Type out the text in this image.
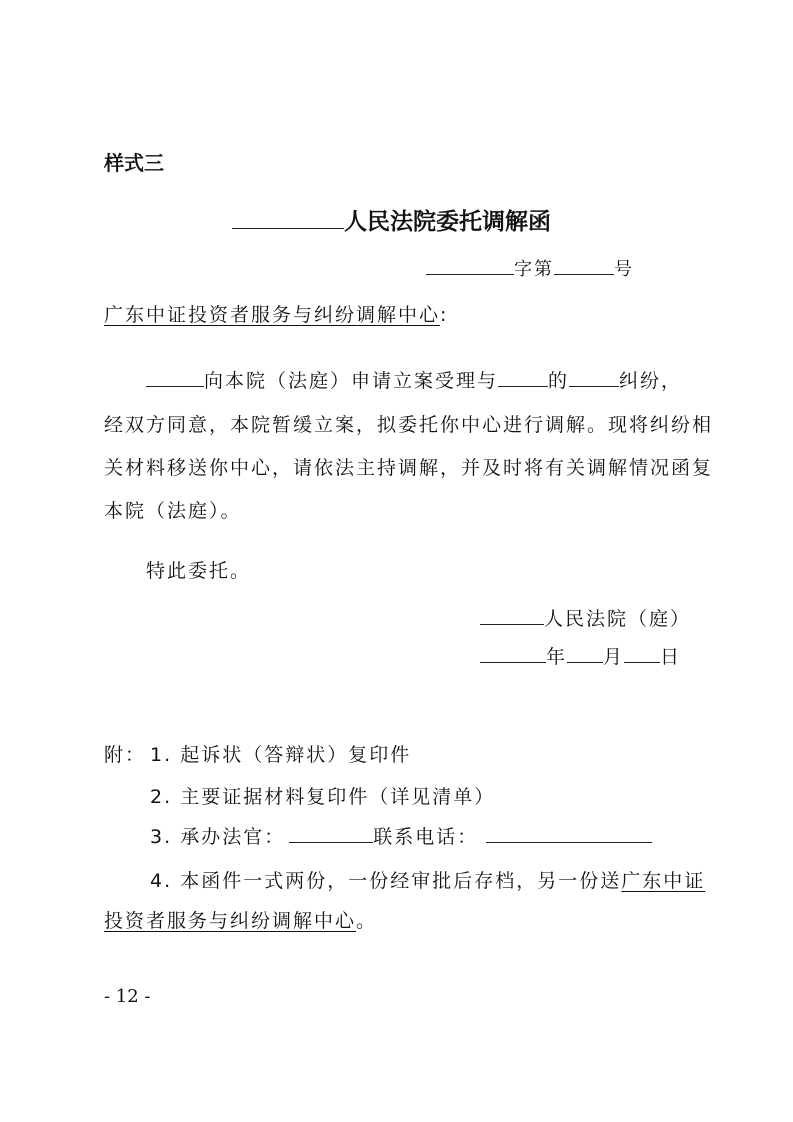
样式三
人民法院委托调解函
字第	号
广东中证投资者服务与纠纷调解中心:
向本院（法庭）申请立案受理与	的	纠纷，
经双方同意，本院暂缓立案，拟委托你中心进行调解。现将纠纷相
关材料移送你中心，请依法主持调解，并及时将有关调解情况函复
本院（法庭）。
特此委托。
人民法院（庭）
年 月 日
附： 1. 起诉状（答辩状）复印件
2. 主要证据材料复印件（详见清单）
3. 承办法官：	联系电话：
4. 本函件一式两份，一份经审批后存档，另一份送广东中证
投资者服务与纠纷调解中心。
- 12 -
